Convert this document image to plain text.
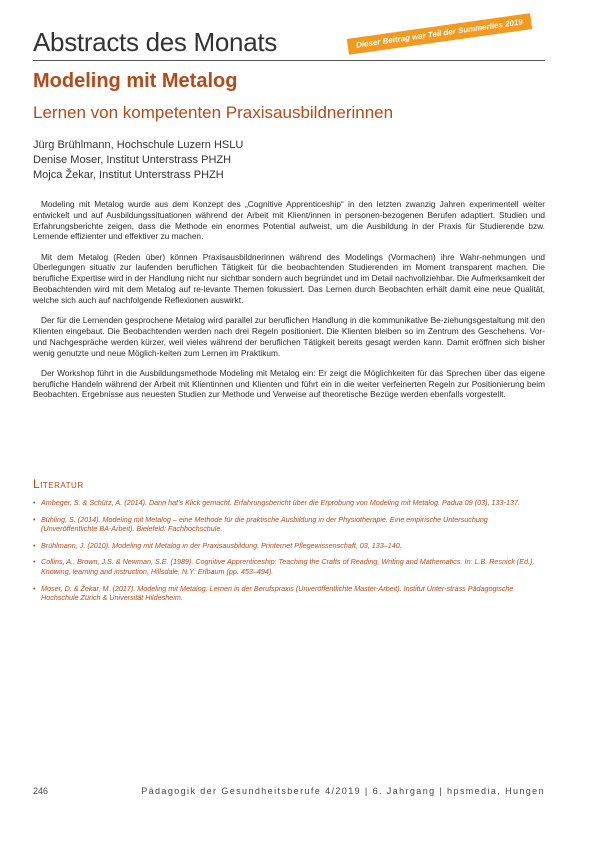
Abstracts des Monats	Dieser Beitrag war Teil der Summerlies 2019
Modeling mit Metalog
Lernen von kompetenten Praxisausbildnerinnen
Jürg Brühlmann, Hochschule Luzern HSLU
Denise Moser, Institut Unterstrass PHZH
Mojca Žekar, Institut Unterstrass PHZH

Modeling mit Metalog wurde aus dem Konzept des „Cognitive Apprenticeship“ in den letzten zwanzig Jahren experimentell weiter entwickelt und auf Ausbildungssituationen während der Arbeit mit Klient/innen in personen-bezogenen Berufen adaptiert. Studien und Erfahrungsberichte zeigen, dass die Methode ein enormes Potential aufweist, um die Ausbildung in der Praxis für Studierende bzw. Lernende effizienter und effektiver zu machen.

Mit dem Metalog (Reden über) können Praxisausbildnerinnen während des Modelings (Vormachen) ihre Wahr-nehmungen und Überlegungen situativ zur laufenden beruflichen Tätigkeit für die beobachtenden Studierenden im Moment transparent machen. Die berufliche Expertise wird in der Handlung nicht nur sichtbar sondern auch begründet und im Detail nachvollziehbar. Die Aufmerksamkeit der Beobachtenden wird mit dem Metalog auf re-levante Themen fokussiert. Das Lernen durch Beobachten erhält damit eine neue Qualität, welche sich auch auf nachfolgende Reflexionen auswirkt.

Der für die Lernenden gesprochene Metalog wird parallel zur beruflichen Handlung in die kommunikative Be-ziehungsgestaltung mit den Klienten eingebaut. Die Beobachtenden werden nach drei Regeln positioniert. Die Klienten bleiben so im Zentrum des Geschehens. Vor- und Nachgespräche werden kürzer, weil vieles während der beruflichen Tätigkeit bereits gesagt werden kann. Damit eröffnen sich bisher wenig genutzte und neue Möglich-keiten zum Lernen im Praktikum.

Der Workshop führt in die Ausbildungsmethode Modeling mit Metalog ein: Er zeigt die Möglichkeiten für das Sprechen über das eigene berufliche Handeln während der Arbeit mit Klientinnen und Klienten und führt ein in die weiter verfeinerten Regeln zur Positionierung beim Beobachten. Ergebnisse aus neuesten Studien zur Methode und Verweise auf theoretische Bezüge werden ebenfalls vorgestellt.

Literatur
• Ambeger, S. & Schürz, A. (2014). Dann hat's Klick gemacht. Erfahrungsbericht über die Erprobung von Modeling mit Metalog. Padua 09 (03), 133-137.
• Bühling, S. (2014). Modeling mit Metalog – eine Methode für die praktische Ausbildung in der Physiotherapie. Eine empirische Untersuchung (Unveröffentlichte BA-Arbeit). Bielefeld: Fachhochschule.
• Brühlmann, J. (2010). Modeling mit Metalog in der Praxisausbildung. Printernet Pflegewissenschaft, 03, 133–140.
• Collins, A., Brown, J.S. & Newman, S.E. (1989). Cognitive Apprenticeship: Teaching the Crafts of Reading, Writing and Mathematics. In: L.B. Resnick (Ed.), Knowing, learning and instruction. Hillsdale, N.Y: Erlbaum (pp. 453–494).
• Moser, D. & Žekar, M. (2017). Modeling mit Metalog: Lernen in der Berufspraxis (Unveröffentlichte Master-Arbeit). Institut Unter-strass Pädagogische Hochschule Zürich & Universität Hildesheim.
246	Pädagogik der Gesundheitsberufe 4/2019 | 6. Jahrgang | hpsmedia, Hungen
